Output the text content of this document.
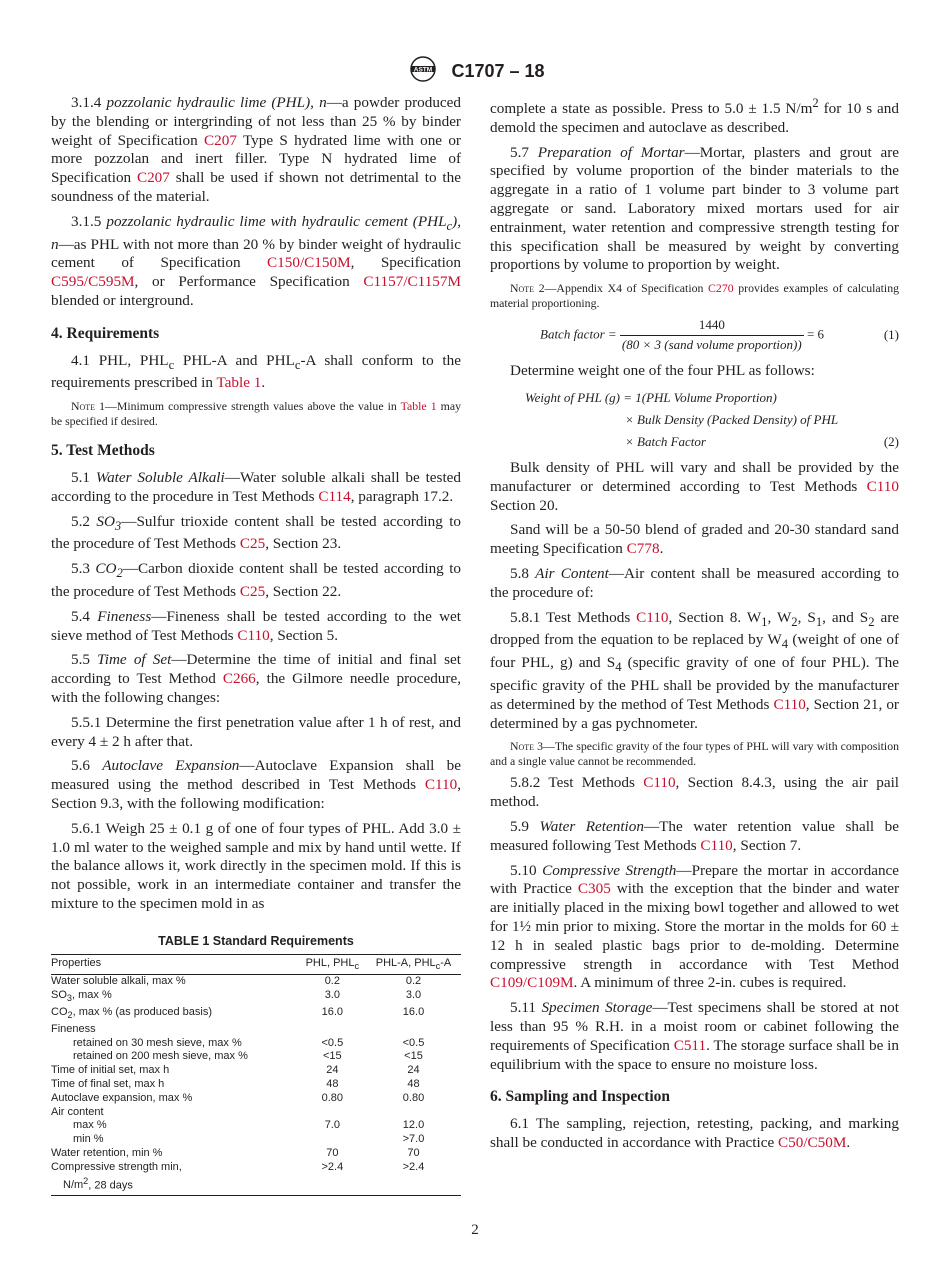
ASTM C1707 – 18

3.1.4 pozzolanic hydraulic lime (PHL), n—a powder produced by the blending or intergrinding of not less than 25 % by binder weight of Specification C207 Type S hydrated lime with one or more pozzolan and inert filler. Type N hydrated lime of Specification C207 shall be used if shown not detrimental to the soundness of the material.

3.1.5 pozzolanic hydraulic lime with hydraulic cement $(PHL_c)$, n—as PHL with not more than 20 % by binder weight of hydraulic cement of Specification C150/C150M, Specification C595/C595M, or Performance Specification C1157/C1157M blended or interground.

4. Requirements

4.1 PHL, $PHL_c$ PHL-A and $PHL_c-A$ shall conform to the requirements prescribed in Table 1.

Note 1—Minimum compressive strength values above the value in Table 1 may be specified if desired.
5. Test Methods

5.1 Water Soluble Alkali—Water soluble alkali shall be tested according to the procedure in Test Methods C114, paragraph 17.2.

5.2 $SO_3—Sulfur$ trioxide content shall be tested according to the procedure of Test Methods C25, Section 23.

5.3 $CO_2—Carbon$ dioxide content shall be tested according to the procedure of Test Methods C25, Section 22.

5.4 Fineness—Fineness shall be tested according to the wet sieve method of Test Methods C110, Section 5.

5.5 Time of Set—Determine the time of initial and final set according to Test Method C266, the Gilmore needle procedure, with the following changes:

5.5.1 Determine the first penetration value after 1 h of rest, and every 4 ± 2 h after that.

5.6 Autoclave Expansion—Autoclave Expansion shall be measured using the method described in Test Methods C110, Section 9.3, with the following modification:

5.6.1 Weigh 25 ± 0.1 g of one of four types of PHL. Add 3.0 ± 1.0 ml water to the weighed sample and mix by hand until wette. If the balance allows it, work directly in the specimen mold. If this is not possible, work in an intermediate container and transfer the mixture to the specimen mold in as

TABLE 1 Standard Requirements
Properties	PHL, $PHL_c$	PHL-A, $PHL_c-A$
Water soluble alkali, max %	0.2	0.2
$SO_3$, max %	3.0	3.0
$CO_2$, max % (as produced basis)	16.0	16.0
Fineness		
retained on 30 mesh sieve, max %	<0.5	<0.5
retained on 200 mesh sieve, max %	<15	<15
Time of initial set, max h	24	24
Time of final set, max h	48	48
Autoclave expansion, max %	0.80	0.80
Air content		
max %	7.0	12.0
min %		>7.0
Water retention, min %	70	70
Compressive strength min,
$N/m^2$, 28 days	>2.4	>2.4

complete a state as possible. Press to 5.0 ± 1.5 $N/m^2$ for 10 s and demold the specimen and autoclave as described.

5.7 Preparation of Mortar—Mortar, plasters and grout are specified by volume proportion of the binder materials to the aggregate in a ratio of 1 volume part binder to 3 volume part aggregate or sand. Laboratory mixed mortars used for air entrainment, water retention and compressive strength testing for this specification shall be measured by weight by converting proportions by volume to proportion by weight.

Note 2—Appendix X4 of Specification C270 provides examples of calculating material proportioning.
Batch factor = $\frac{1440}{\text{(80 × 3 (sand volume proportion))}} = 6$	(1)

Determine weight one of the four PHL as follows:

Weight of PHL (g) = 1(PHL Volume Proportion)
× Bulk Density (Packed Density) of PHL
× Batch Factor	(2)

Bulk density of PHL will vary and shall be provided by the manufacturer or determined according to Test Methods C110 Section 20.

Sand will be a 50-50 blend of graded and 20-30 standard sand meeting Specification C778.

5.8 Air Content—Air content shall be measured according to the procedure of:

5.8.1 Test Methods C110, Section 8. $W_1$, $W_2$, $S_1$, and $S_2$ are dropped from the equation to be replaced by $W_4$ (weight of one of four PHL, g) and $S_4$ (specific gravity of one of four PHL). The specific gravity of the PHL shall be provided by the manufacturer as determined by the method of Test Methods C110, Section 21, or determined by a gas pychnometer.

Note 3—The specific gravity of the four types of PHL will vary with composition and a single value cannot be recommended.

5.8.2 Test Methods C110, Section 8.4.3, using the air pail method.

5.9 Water Retention—The water retention value shall be measured following Test Methods C110, Section 7.

5.10 Compressive Strength—Prepare the mortar in accordance with Practice C305 with the exception that the binder and water are initially placed in the mixing bowl together and allowed to wet for 1½ min prior to mixing. Store the mortar in the molds for 60 ± 12 h in sealed plastic bags prior to de-molding. Determine compressive strength in accordance with Test Method C109/C109M. A minimum of three 2-in. cubes is required.

5.11 Specimen Storage—Test specimens shall be stored at not less than 95 % R.H. in a moist room or cabinet following the requirements of Specification C511. The storage surface shall be in equilibrium with the space to ensure no moisture loss.

6. Sampling and Inspection

6.1 The sampling, rejection, retesting, packing, and marking shall be conducted in accordance with Practice C50/C50M.

2
